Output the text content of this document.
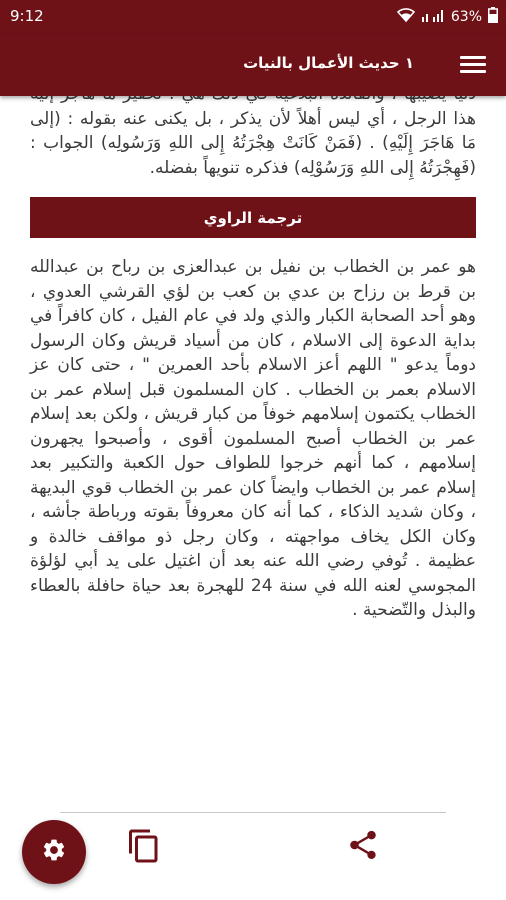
9:12	63%
١ حديث الأعمال بالنيات

هذا الرجل ، أي ليس أهلاً لأن يذكر ، بل يكنى عنه بقوله : (إلى مَا هَاجَرَ إِلَيْهِ) . (فَمَنْ كَانَتْ هِجْرَتُهُ إِلى اللهِ وَرَسُولِه) الجواب : (فَهِجْرَتُهُ إِلى اللهِ وَرَسُوْلِه) فذكره تنويهاً بفضله.

ترجمة الراوي

هو عمر بن الخطاب بن نفيل بن عبدالعزى بن رباح بن عبدالله بن قرط بن رزاح بن عدي بن كعب بن لؤي القرشي العدوي ، وهو أحد الصحابة الكبار والذي ولد في عام الفيل ، كان كافراً في بداية الدعوة إلى الاسلام ، كان من أسياد قريش وكان الرسول دوماً يدعو " اللهم أعز الاسلام بأحد العمرين " ، حتى كان عز الاسلام بعمر بن الخطاب . كان المسلمون قبل إسلام عمر بن الخطاب يكتمون إسلامهم خوفاً من كبار قريش ، ولكن بعد إسلام عمر بن الخطاب أصبح المسلمون أقوى ، وأصبحوا يجهرون إسلامهم ، كما أنهم خرجوا للطواف حول الكعبة والتكبير بعد إسلام عمر بن الخطاب وايضاً كان عمر بن الخطاب قوي البديهة ، وكان شديد الذكاء ، كما أنه كان معروفاً بقوته ورباطة جأشه ، وكان الكل يخاف مواجهته ، وكان رجل ذو مواقف خالدة و عظيمة . تُوفي رضي الله عنه بعد أن اغتيل على يد أبي لؤلؤة المجوسي لعنه الله في سنة 24 للهجرة بعد حياة حافلة بالعطاء والبذل والتّضحية .
